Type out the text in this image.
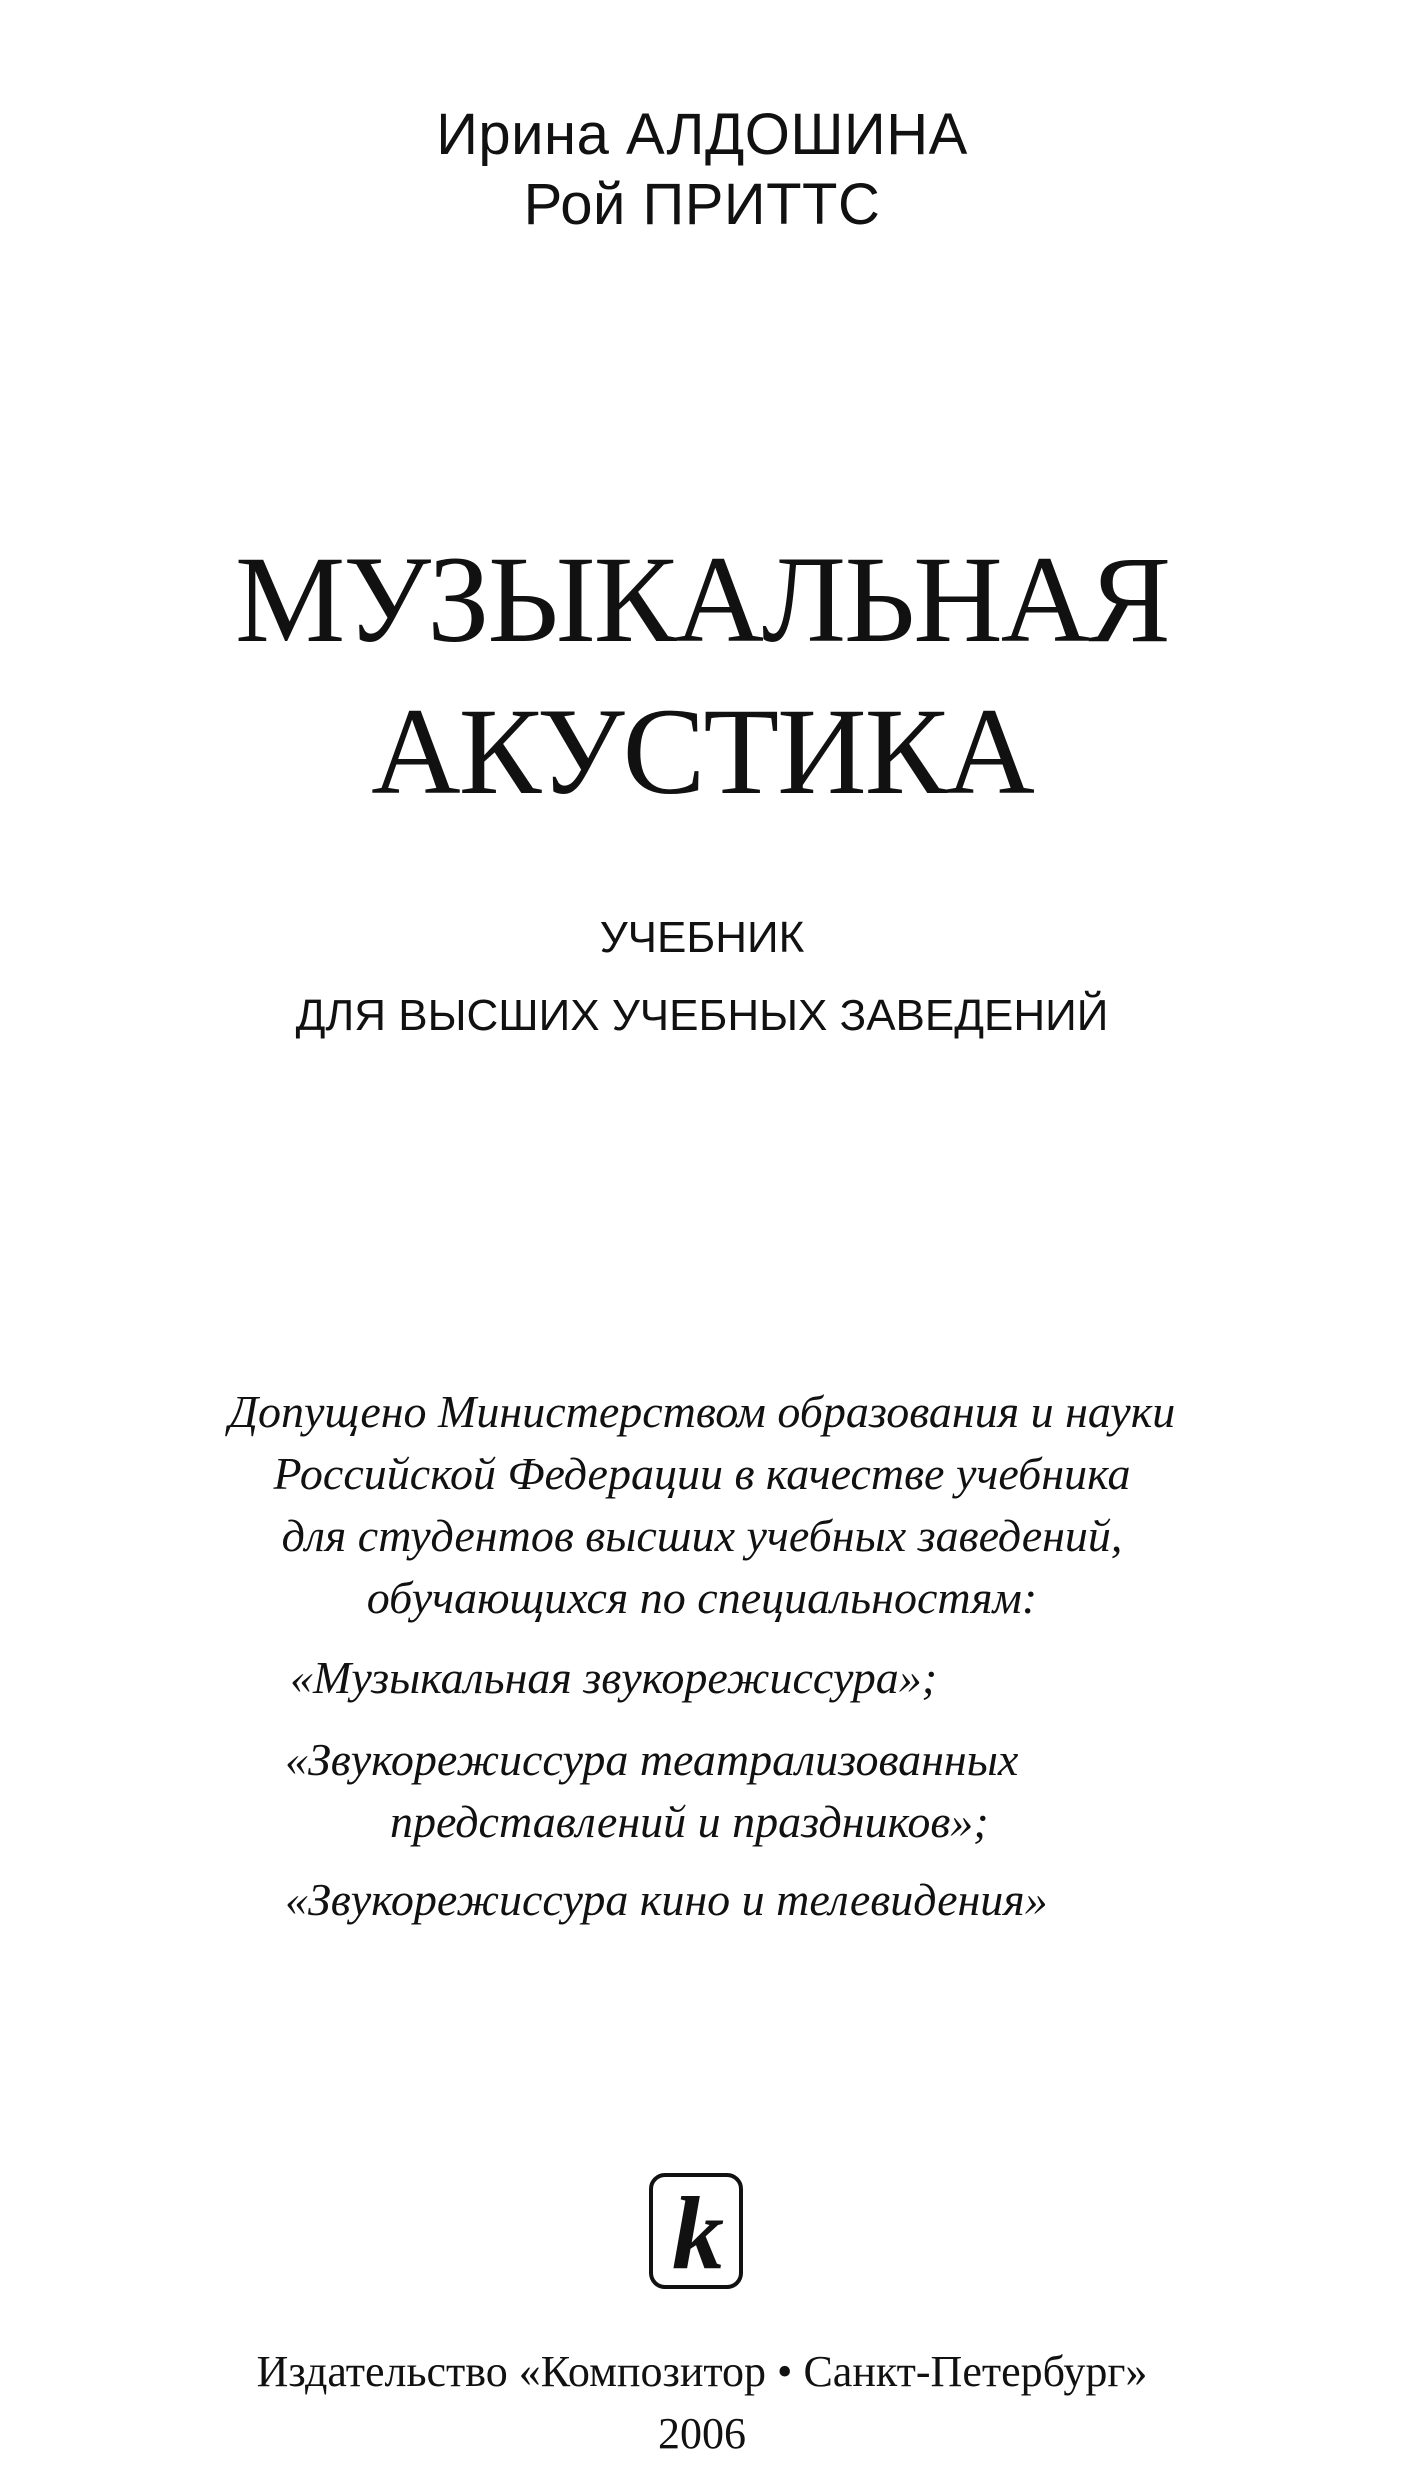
Ирина АЛДОШИНА
Рой ПРИТТС
МУЗЫКАЛЬНАЯ
АКУСТИКА
УЧЕБНИК
ДЛЯ ВЫСШИХ УЧЕБНЫХ ЗАВЕДЕНИЙ
Допущено Министерством образования и науки
Российской Федерации в качестве учебника
для студентов высших учебных заведений,
обучающихся по специальностям:
«Музыкальная звукорежиссура»;
«Звукорежиссура театрализованных
представлений и праздников»;
«Звукорежиссура кино и телевидения»
k
Издательство «Композитор • Санкт-Петербург»
2006
